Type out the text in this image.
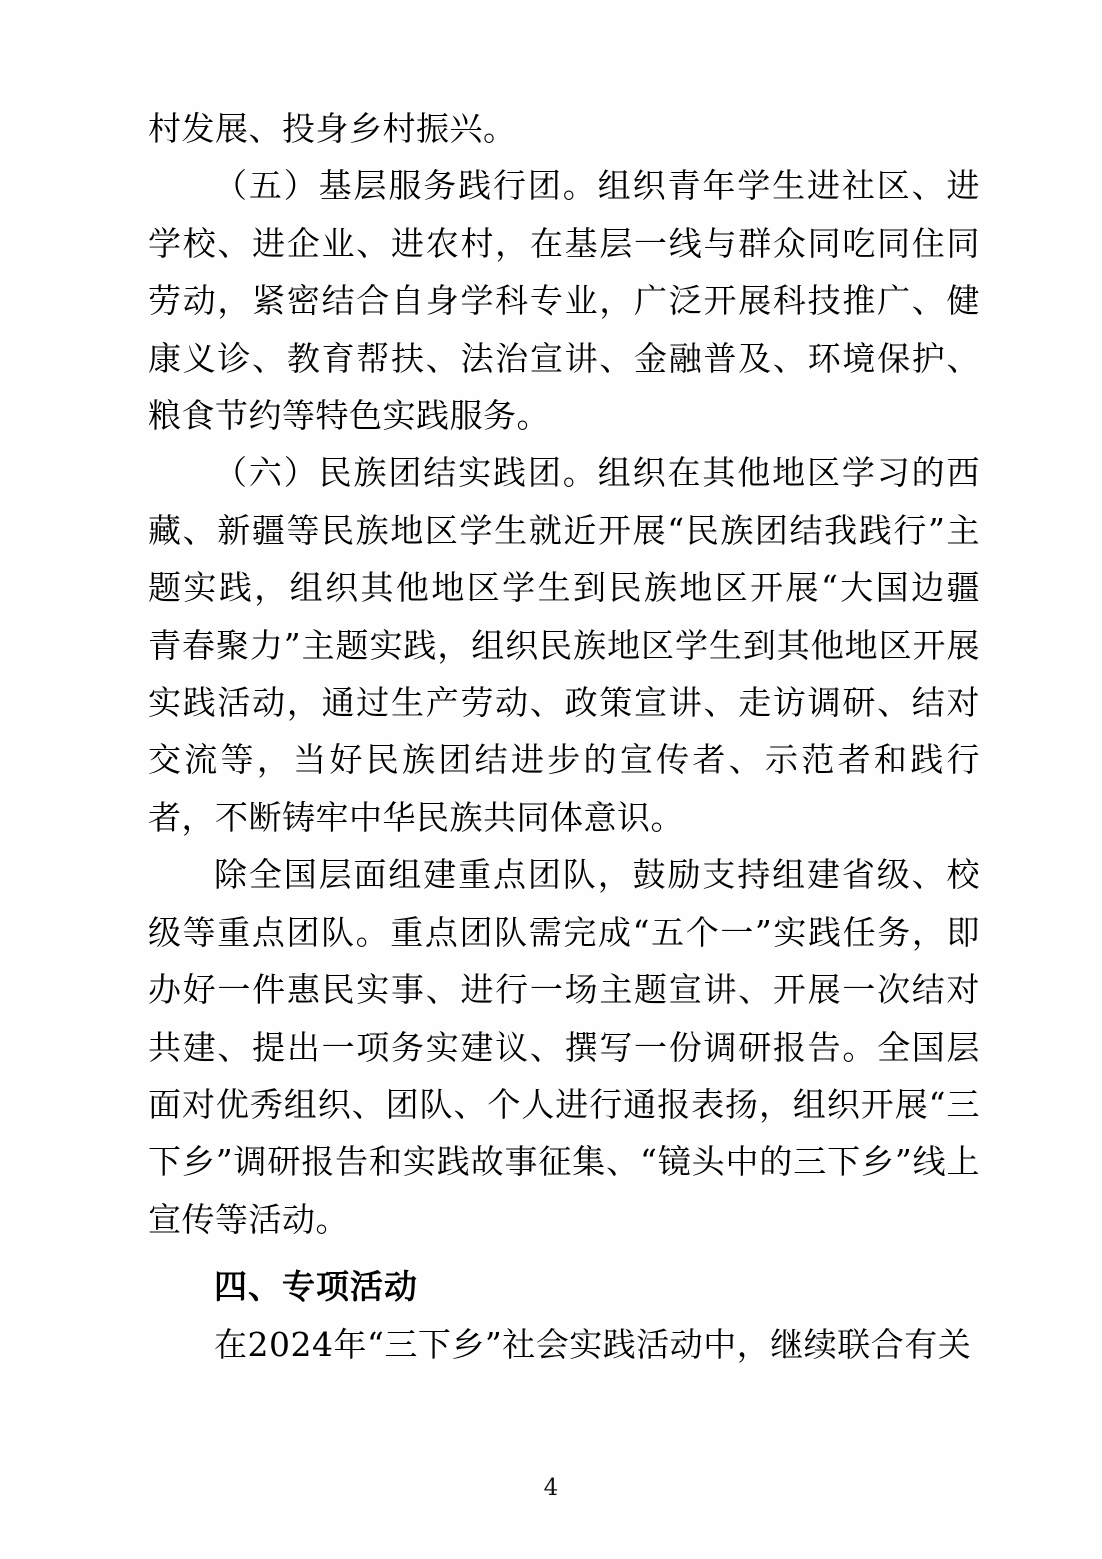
村发展、投身乡村振兴。

（五）基层服务践行团。组织青年学生进社区、进学校、进企业、进农村，在基层一线与群众同吃同住同劳动，紧密结合自身学科专业，广泛开展科技推广、健康义诊、教育帮扶、法治宣讲、金融普及、环境保护、粮食节约等特色实践服务。

（六）民族团结实践团。组织在其他地区学习的西藏、新疆等民族地区学生就近开展“民族团结我践行”主题实践，组织其他地区学生到民族地区开展“大国边疆 青春聚力”主题实践，组织民族地区学生到其他地区开展实践活动，通过生产劳动、政策宣讲、走访调研、结对交流等，当好民族团结进步的宣传者、示范者和践行者，不断铸牢中华民族共同体意识。

除全国层面组建重点团队，鼓励支持组建省级、校级等重点团队。重点团队需完成“五个一”实践任务，即办好一件惠民实事、进行一场主题宣讲、开展一次结对共建、提出一项务实建议、撰写一份调研报告。全国层面对优秀组织、团队、个人进行通报表扬，组织开展“三下乡”调研报告和实践故事征集、“镜头中的三下乡”线上宣传等活动。

四、专项活动

在2024年“三下乡”社会实践活动中，继续联合有关

4
